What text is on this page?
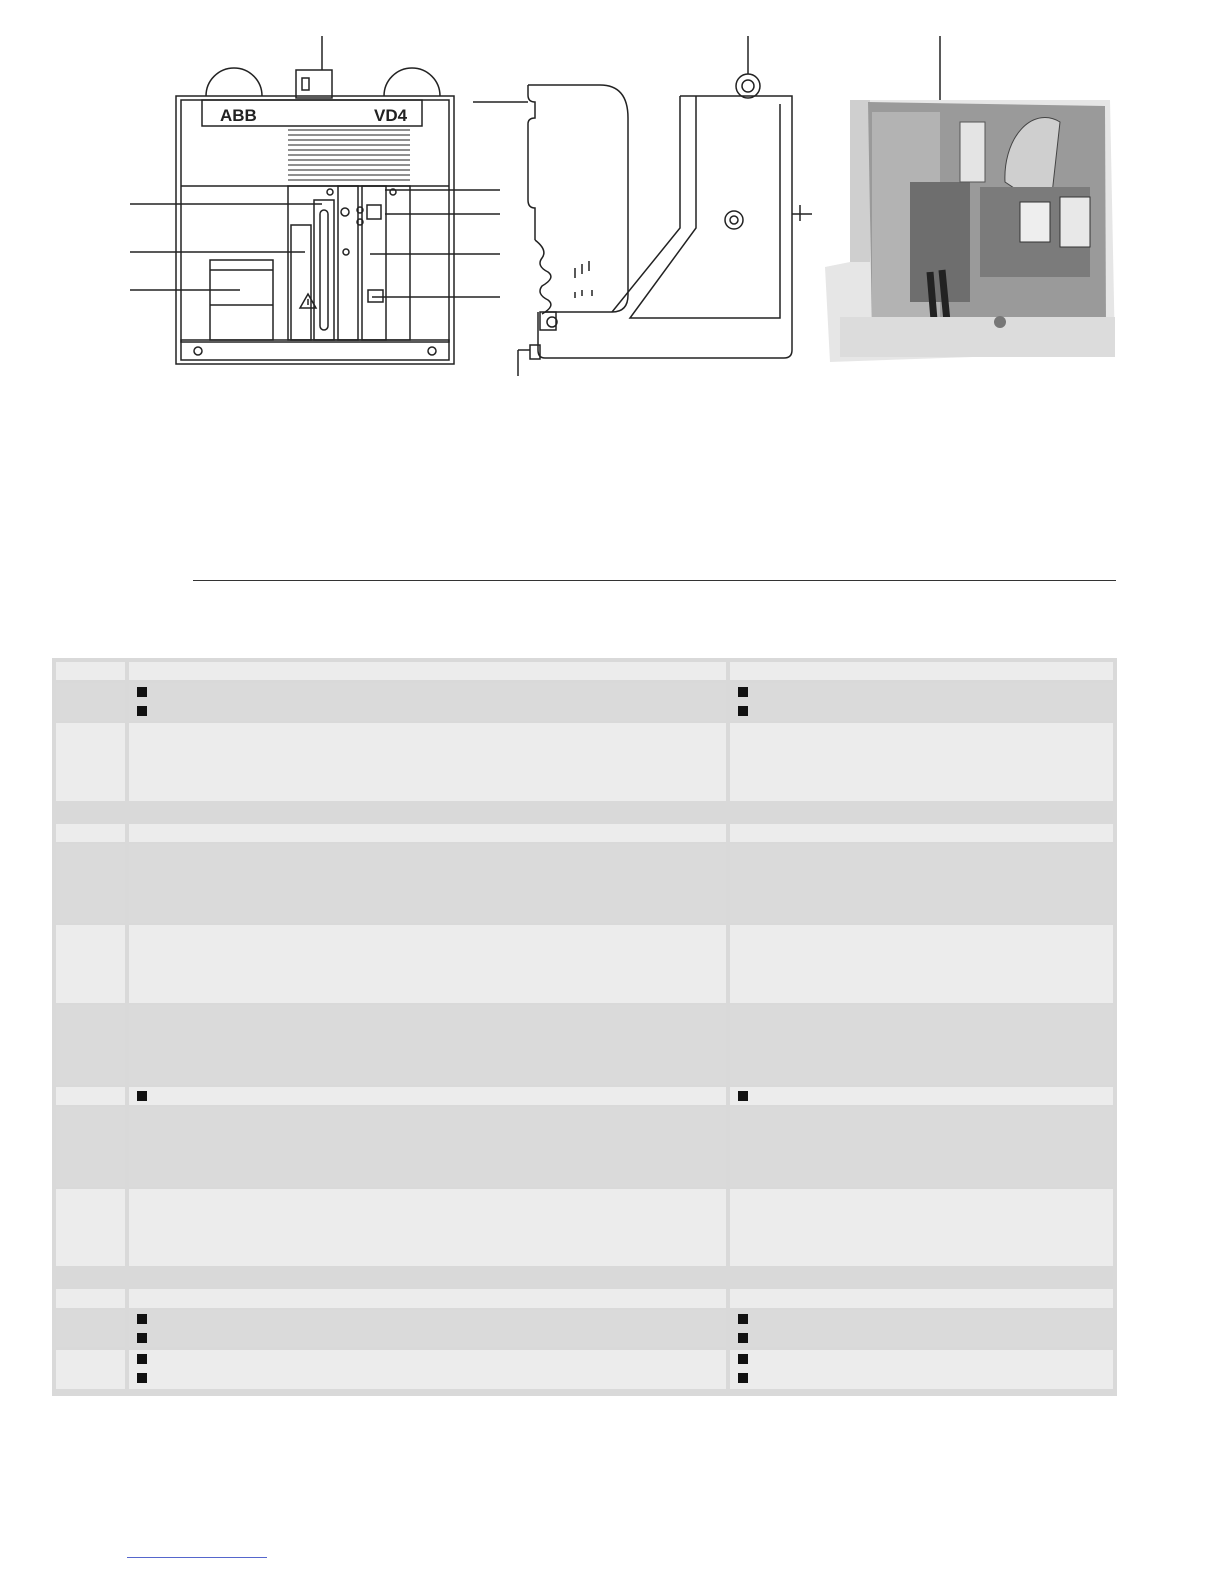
ABB	VD4
